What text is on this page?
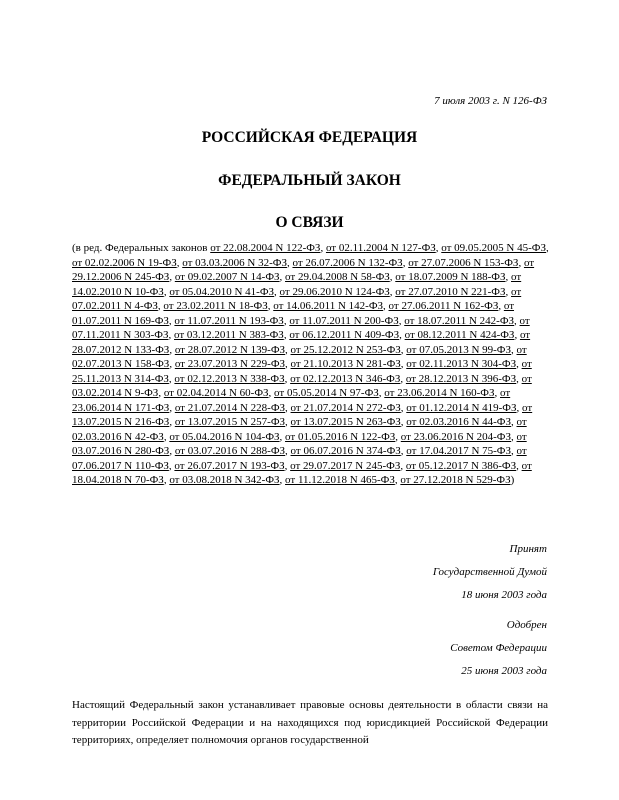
7 июля 2003 г. N 126-ФЗ
РОССИЙСКАЯ ФЕДЕРАЦИЯ
ФЕДЕРАЛЬНЫЙ ЗАКОН
О СВЯЗИ
(в ред. Федеральных законов от 22.08.2004 N 122-ФЗ, от 02.11.2004 N 127-ФЗ, от 09.05.2005 N 45-ФЗ, от 02.02.2006 N 19-ФЗ, от 03.03.2006 N 32-ФЗ, от 26.07.2006 N 132-ФЗ, от 27.07.2006 N 153-ФЗ, от 29.12.2006 N 245-ФЗ, от 09.02.2007 N 14-ФЗ, от 29.04.2008 N 58-ФЗ, от 18.07.2009 N 188-ФЗ, от 14.02.2010 N 10-ФЗ, от 05.04.2010 N 41-ФЗ, от 29.06.2010 N 124-ФЗ, от 27.07.2010 N 221-ФЗ, от 07.02.2011 N 4-ФЗ, от 23.02.2011 N 18-ФЗ, от 14.06.2011 N 142-ФЗ, от 27.06.2011 N 162-ФЗ, от 01.07.2011 N 169-ФЗ, от 11.07.2011 N 193-ФЗ, от 11.07.2011 N 200-ФЗ, от 18.07.2011 N 242-ФЗ, от 07.11.2011 N 303-ФЗ, от 03.12.2011 N 383-ФЗ, от 06.12.2011 N 409-ФЗ, от 08.12.2011 N 424-ФЗ, от 28.07.2012 N 133-ФЗ, от 28.07.2012 N 139-ФЗ, от 25.12.2012 N 253-ФЗ, от 07.05.2013 N 99-ФЗ, от 02.07.2013 N 158-ФЗ, от 23.07.2013 N 229-ФЗ, от 21.10.2013 N 281-ФЗ, от 02.11.2013 N 304-ФЗ, от 25.11.2013 N 314-ФЗ, от 02.12.2013 N 338-ФЗ, от 02.12.2013 N 346-ФЗ, от 28.12.2013 N 396-ФЗ, от 03.02.2014 N 9-ФЗ, от 02.04.2014 N 60-ФЗ, от 05.05.2014 N 97-ФЗ, от 23.06.2014 N 160-ФЗ, от 23.06.2014 N 171-ФЗ, от 21.07.2014 N 228-ФЗ, от 21.07.2014 N 272-ФЗ, от 01.12.2014 N 419-ФЗ, от 13.07.2015 N 216-ФЗ, от 13.07.2015 N 257-ФЗ, от 13.07.2015 N 263-ФЗ, от 02.03.2016 N 44-ФЗ, от 02.03.2016 N 42-ФЗ, от 05.04.2016 N 104-ФЗ, от 01.05.2016 N 122-ФЗ, от 23.06.2016 N 204-ФЗ, от 03.07.2016 N 280-ФЗ, от 03.07.2016 N 288-ФЗ, от 06.07.2016 N 374-ФЗ, от 17.04.2017 N 75-ФЗ, от 07.06.2017 N 110-ФЗ, от 26.07.2017 N 193-ФЗ, от 29.07.2017 N 245-ФЗ, от 05.12.2017 N 386-ФЗ, от 18.04.2018 N 70-ФЗ, от 03.08.2018 N 342-ФЗ, от 11.12.2018 N 465-ФЗ, от 27.12.2018 N 529-ФЗ)
Принят
Государственной Думой
18 июня 2003 года
Одобрен
Советом Федерации
25 июня 2003 года
Настоящий Федеральный закон устанавливает правовые основы деятельности в области связи на территории Российской Федерации и на находящихся под юрисдикцией Российской Федерации территориях, определяет полномочия органов государственной
